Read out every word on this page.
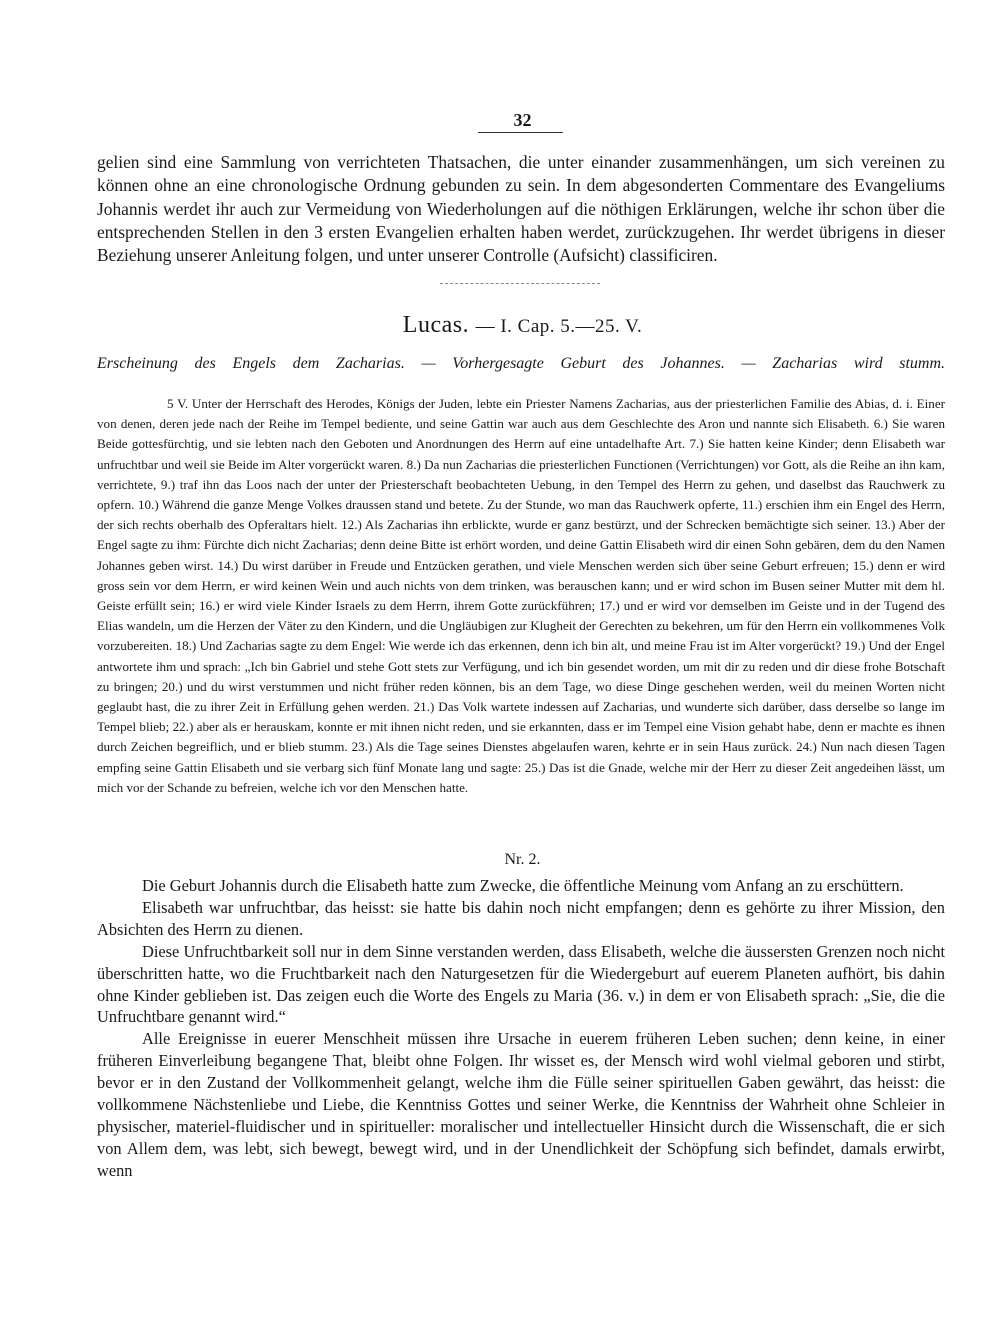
32
gelien sind eine Sammlung von verrichteten Thatsachen, die unter einander zusammenhängen, um sich vereinen zu können ohne an eine chronologische Ordnung gebunden zu sein. In dem abgesonderten Commentare des Evangeliums Johannis werdet ihr auch zur Vermeidung von Wiederholungen auf die nöthigen Erklärungen, welche ihr schon über die entsprechenden Stellen in den 3 ersten Evangelien erhalten haben werdet, zurückzugehen. Ihr werdet übrigens in dieser Beziehung unserer Anleitung folgen, und unter unserer Controlle (Aufsicht) classificiren.
Lucas. — I. Cap. 5.—25. V.
Erscheinung des Engels dem Zacharias. — Vorhergesagte Geburt des Johannes. — Zacharias wird stumm.
5 V. Unter der Herrschaft des Herodes, Königs der Juden, lebte ein Priester Namens Zacharias, aus der priesterlichen Familie des Abias, d. i. Einer von denen, deren jede nach der Reihe im Tempel bediente, und seine Gattin war auch aus dem Geschlechte des Aron und nannte sich Elisabeth. 6.) Sie waren Beide gottesfürchtig, und sie lebten nach den Geboten und Anordnungen des Herrn auf eine untadelhafte Art. 7.) Sie hatten keine Kinder; denn Elisabeth war unfruchtbar und weil sie Beide im Alter vorgerückt waren. 8.) Da nun Zacharias die priesterlichen Functionen (Verrichtungen) vor Gott, als die Reihe an ihn kam, verrichtete, 9.) traf ihn das Loos nach der unter der Priesterschaft beobachteten Uebung, in den Tempel des Herrn zu gehen, und daselbst das Rauchwerk zu opfern. 10.) Während die ganze Menge Volkes draussen stand und betete. Zu der Stunde, wo man das Rauchwerk opferte, 11.) erschien ihm ein Engel des Herrn, der sich rechts oberhalb des Opferaltars hielt. 12.) Als Zacharias ihn erblickte, wurde er ganz bestürzt, und der Schrecken bemächtigte sich seiner. 13.) Aber der Engel sagte zu ihm: Fürchte dich nicht Zacharias; denn deine Bitte ist erhört worden, und deine Gattin Elisabeth wird dir einen Sohn gebären, dem du den Namen Johannes geben wirst. 14.) Du wirst darüber in Freude und Entzücken gerathen, und viele Menschen werden sich über seine Geburt erfreuen; 15.) denn er wird gross sein vor dem Herrn, er wird keinen Wein und auch nichts von dem trinken, was berauschen kann; und er wird schon im Busen seiner Mutter mit dem hl. Geiste erfüllt sein; 16.) er wird viele Kinder Israels zu dem Herrn, ihrem Gotte zurückführen; 17.) und er wird vor demselben im Geiste und in der Tugend des Elias wandeln, um die Herzen der Väter zu den Kindern, und die Ungläubigen zur Klugheit der Gerechten zu bekehren, um für den Herrn ein vollkommenes Volk vorzubereiten. 18.) Und Zacharias sagte zu dem Engel: Wie werde ich das erkennen, denn ich bin alt, und meine Frau ist im Alter vorgerückt? 19.) Und der Engel antwortete ihm und sprach: „Ich bin Gabriel und stehe Gott stets zur Verfügung, und ich bin gesendet worden, um mit dir zu reden und dir diese frohe Botschaft zu bringen; 20.) und du wirst verstummen und nicht früher reden können, bis an dem Tage, wo diese Dinge geschehen werden, weil du meinen Worten nicht geglaubt hast, die zu ihrer Zeit in Erfüllung gehen werden. 21.) Das Volk wartete indessen auf Zacharias, und wunderte sich darüber, dass derselbe so lange im Tempel blieb; 22.) aber als er herauskam, konnte er mit ihnen nicht reden, und sie erkannten, dass er im Tempel eine Vision gehabt habe, denn er machte es ihnen durch Zeichen begreiflich, und er blieb stumm. 23.) Als die Tage seines Dienstes abgelaufen waren, kehrte er in sein Haus zurück. 24.) Nun nach diesen Tagen empfing seine Gattin Elisabeth und sie verbarg sich fünf Monate lang und sagte: 25.) Das ist die Gnade, welche mir der Herr zu dieser Zeit angedeihen lässt, um mich vor der Schande zu befreien, welche ich vor den Menschen hatte.
Nr. 2.

Die Geburt Johannis durch die Elisabeth hatte zum Zwecke, die öffentliche Meinung vom Anfang an zu erschüttern.

Elisabeth war unfruchtbar, das heisst: sie hatte bis dahin noch nicht empfangen; denn es gehörte zu ihrer Mission, den Absichten des Herrn zu dienen.

Diese Unfruchtbarkeit soll nur in dem Sinne verstanden werden, dass Elisabeth, welche die äussersten Grenzen noch nicht überschritten hatte, wo die Fruchtbarkeit nach den Naturgesetzen für die Wiedergeburt auf euerem Planeten aufhört, bis dahin ohne Kinder geblieben ist. Das zeigen euch die Worte des Engels zu Maria (36. v.) in dem er von Elisabeth sprach: „Sie, die die Unfruchtbare genannt wird.“

Alle Ereignisse in euerer Menschheit müssen ihre Ursache in euerem früheren Leben suchen; denn keine, in einer früheren Einverleibung begangene That, bleibt ohne Folgen. Ihr wisset es, der Mensch wird wohl vielmal geboren und stirbt, bevor er in den Zustand der Vollkommenheit gelangt, welche ihm die Fülle seiner spirituellen Gaben gewährt, das heisst: die vollkommene Nächstenliebe und Liebe, die Kenntniss Gottes und seiner Werke, die Kenntniss der Wahrheit ohne Schleier in physischer, materiel-fluidischer und in spiritueller: moralischer und intellectueller Hinsicht durch die Wissenschaft, die er sich von Allem dem, was lebt, sich bewegt, bewegt wird, und in der Unendlichkeit der Schöpfung sich befindet, damals erwirbt, wenn
